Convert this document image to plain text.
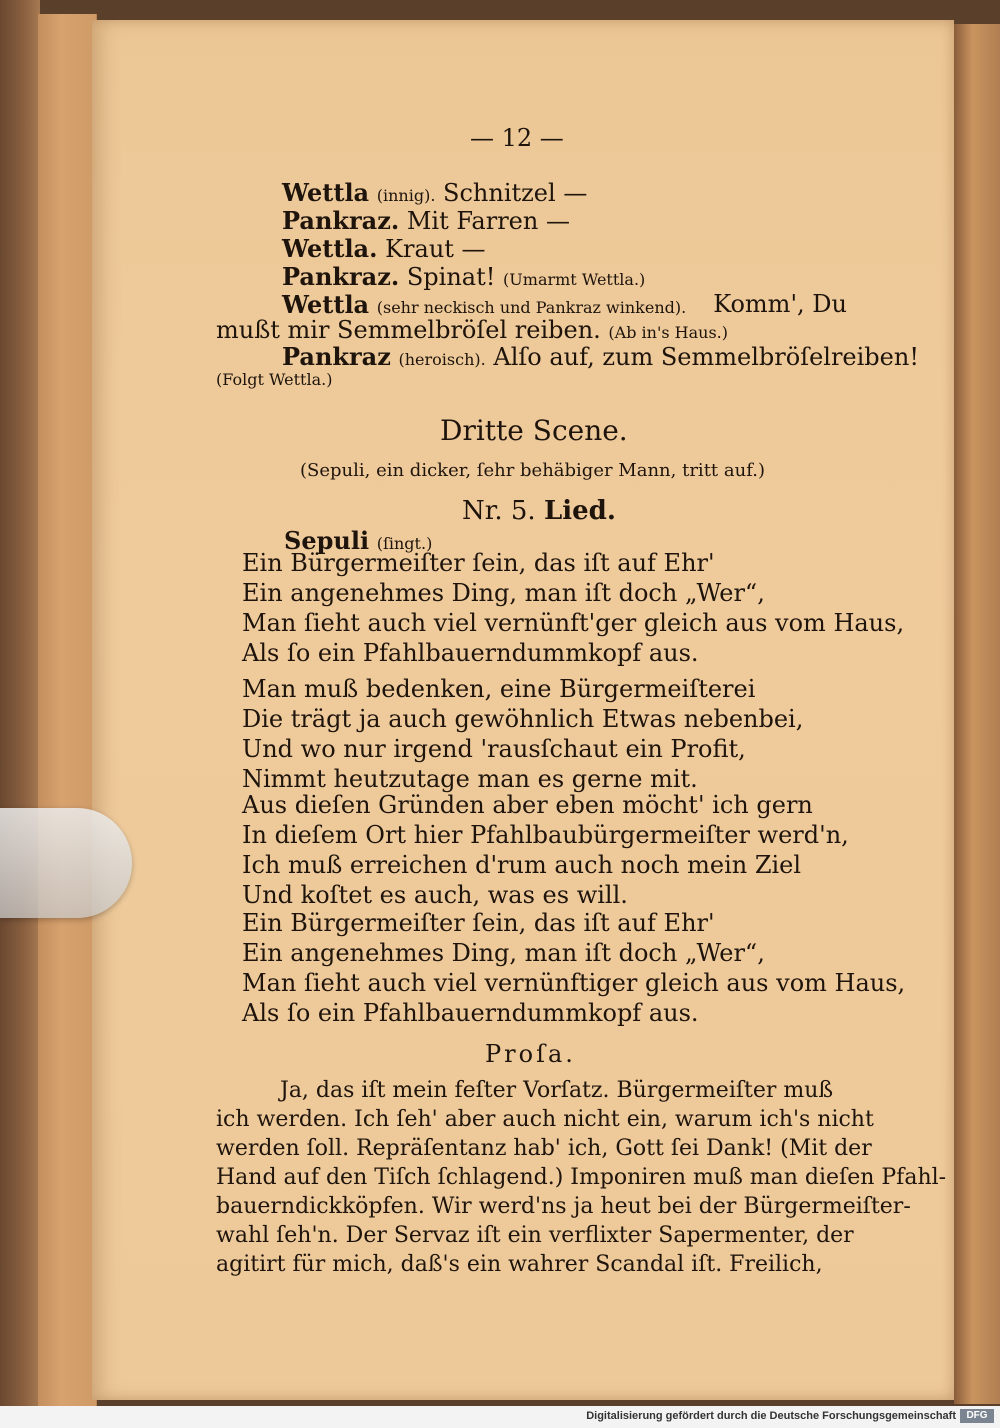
— 12 —
Wettla (innig). Schnitzel —
Pankraz. Mit Farren —
Wettla. Kraut —
Pankraz. Spinat! (Umarmt Wettla.)
Wettla (sehr neckisch und Pankraz winkend). Komm', Du
mußt mir Semmelbröſel reiben. (Ab in's Haus.)
Pankraz (heroisch). Alſo auf, zum Semmelbröſelreiben!
(Folgt Wettla.)
Dritte Scene.
(Sepuli, ein dicker, ſehr behäbiger Mann, tritt auf.)
Nr. 5. Lied.
Sepuli (ſingt.)
Ein Bürgermeiſter ſein, das iſt auf Ehr'
Ein angenehmes Ding, man iſt doch „Wer“,
Man ſieht auch viel vernünft'ger gleich aus vom Haus,
Als ſo ein Pfahlbauerndummkopf aus.
Man muß bedenken, eine Bürgermeiſterei
Die trägt ja auch gewöhnlich Etwas nebenbei,
Und wo nur irgend 'rausſchaut ein Profit,
Nimmt heutzutage man es gerne mit.
Aus dieſen Gründen aber eben möcht' ich gern
In dieſem Ort hier Pfahlbaubürgermeiſter werd'n,
Ich muß erreichen d'rum auch noch mein Ziel
Und koſtet es auch, was es will.
Ein Bürgermeiſter ſein, das iſt auf Ehr'
Ein angenehmes Ding, man iſt doch „Wer“,
Man ſieht auch viel vernünftiger gleich aus vom Haus,
Als ſo ein Pfahlbauerndummkopf aus.
Proſa.
Ja, das iſt mein feſter Vorſatz. Bürgermeiſter muß
ich werden. Ich ſeh' aber auch nicht ein, warum ich's nicht
werden ſoll. Repräſentanz hab' ich, Gott ſei Dank! (Mit der
Hand auf den Tiſch ſchlagend.) Imponiren muß man dieſen Pfahl-
bauerndickköpfen. Wir werd'ns ja heut bei der Bürgermeiſter-
wahl ſeh'n. Der Servaz iſt ein verflixter Sapermenter, der
agitirt für mich, daß's ein wahrer Scandal iſt. Freilich,
Digitalisierung gefördert durch die Deutsche Forschungsgemeinschaft	DFG
